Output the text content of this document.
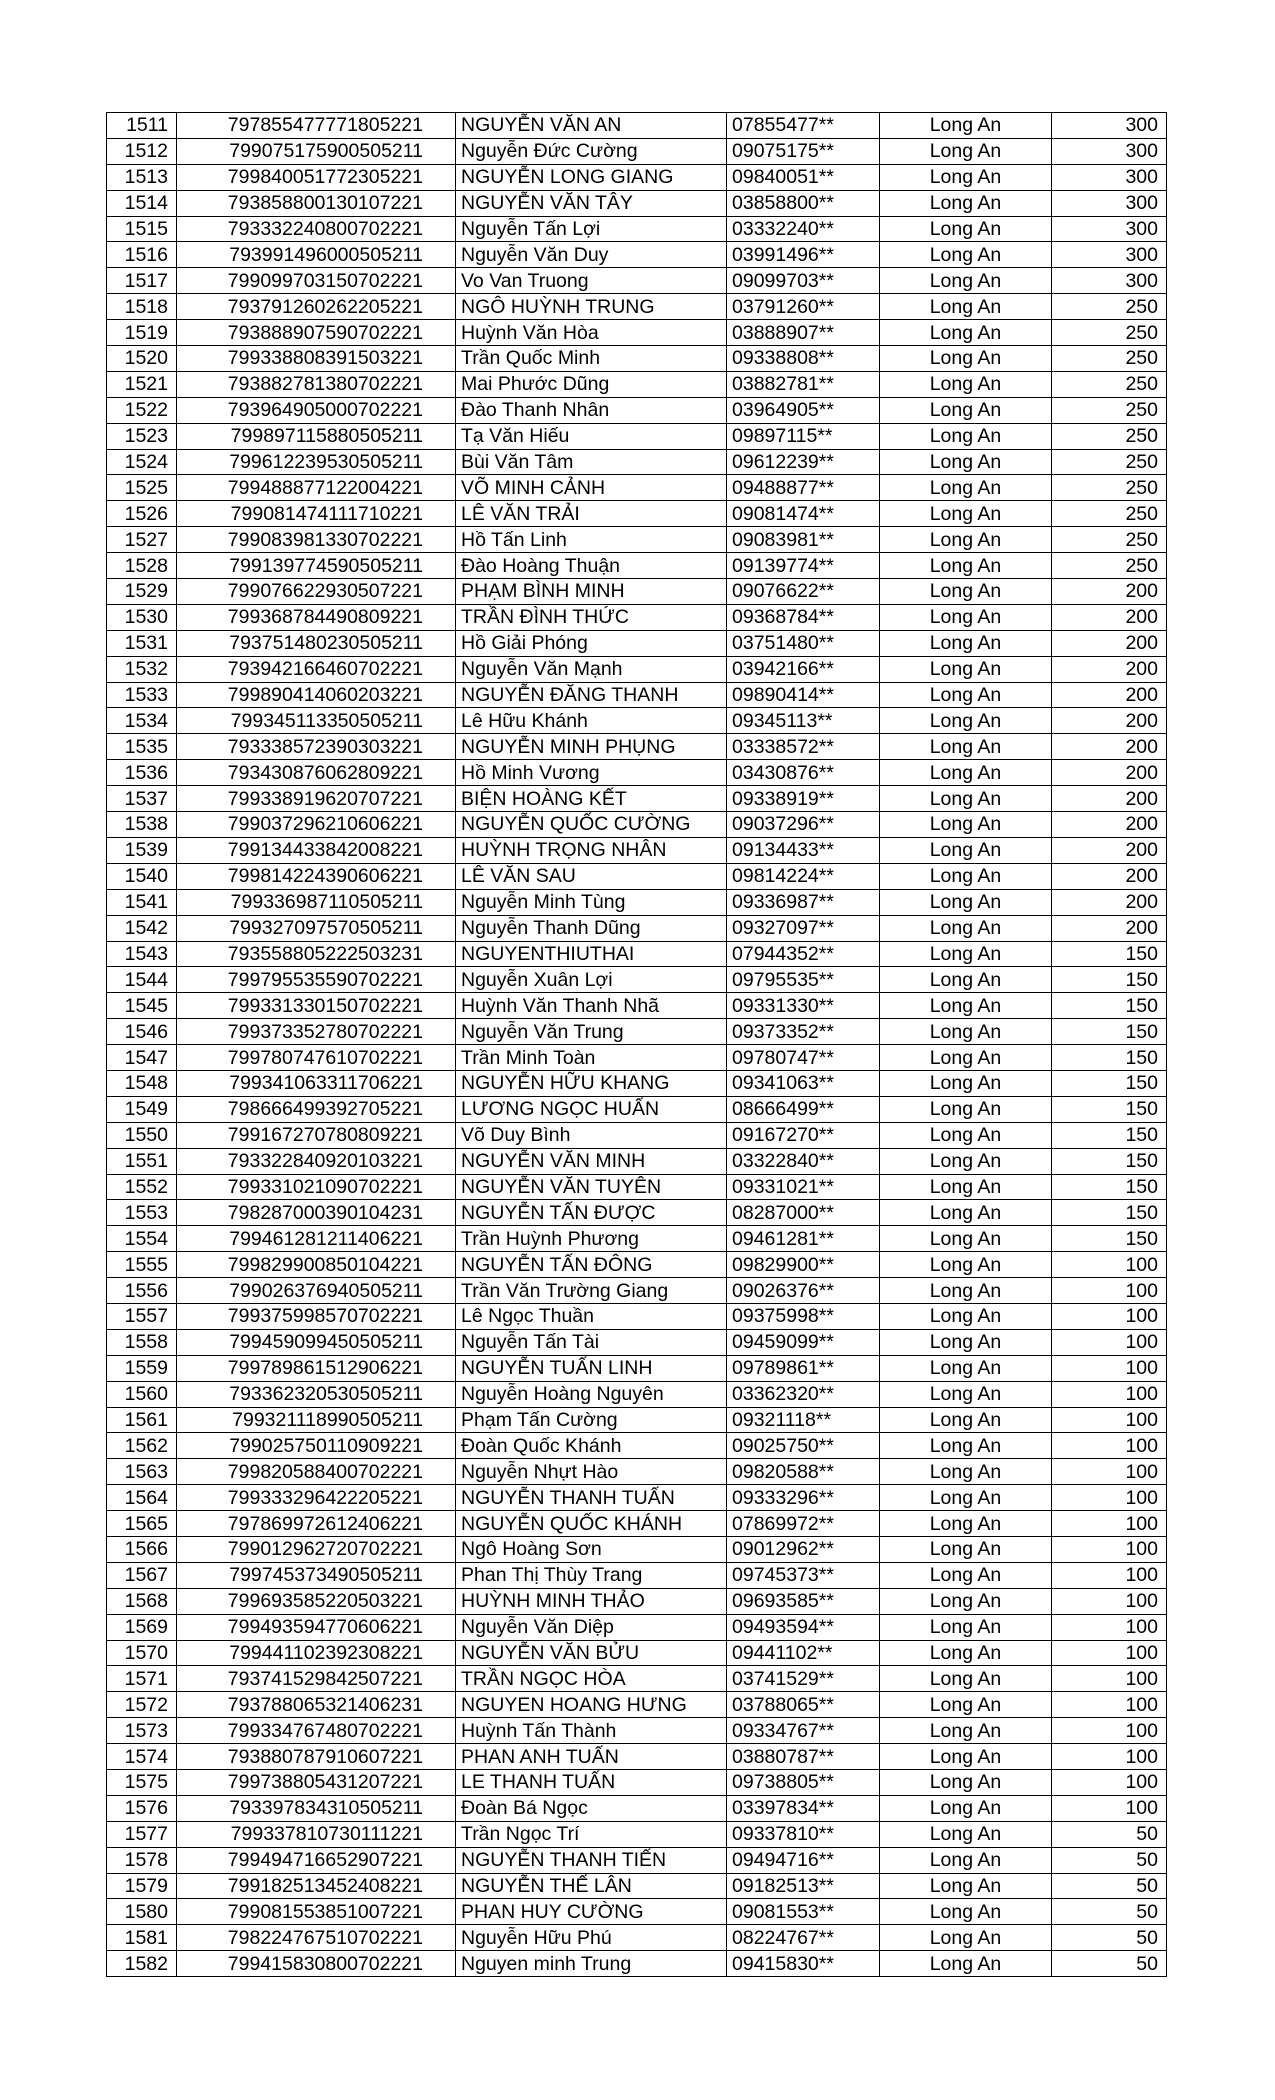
1511	797855477771805221	NGUYỄN VĂN AN	07855477**	Long An	300
1512	799075175900505211	Nguyễn Đức Cường	09075175**	Long An	300
1513	799840051772305221	NGUYỄN LONG GIANG	09840051**	Long An	300
1514	793858800130107221	NGUYỄN VĂN TÂY	03858800**	Long An	300
1515	793332240800702221	Nguyễn Tấn Lợi	03332240**	Long An	300
1516	793991496000505211	Nguyễn Văn Duy	03991496**	Long An	300
1517	799099703150702221	Vo Van Truong	09099703**	Long An	300
1518	793791260262205221	NGÔ HUỲNH TRUNG	03791260**	Long An	250
1519	793888907590702221	Huỳnh Văn Hòa	03888907**	Long An	250
1520	799338808391503221	Trần Quốc Minh	09338808**	Long An	250
1521	793882781380702221	Mai Phước Dũng	03882781**	Long An	250
1522	793964905000702221	Đào Thanh Nhân	03964905**	Long An	250
1523	799897115880505211	Tạ Văn Hiếu	09897115**	Long An	250
1524	799612239530505211	Bùi Văn Tâm	09612239**	Long An	250
1525	799488877122004221	VÕ MINH CẢNH	09488877**	Long An	250
1526	799081474111710221	LÊ VĂN TRẢI	09081474**	Long An	250
1527	799083981330702221	Hồ Tấn Linh	09083981**	Long An	250
1528	799139774590505211	Đào Hoàng Thuận	09139774**	Long An	250
1529	799076622930507221	PHẠM BÌNH MINH	09076622**	Long An	200
1530	799368784490809221	TRẦN ĐÌNH THỨC	09368784**	Long An	200
1531	793751480230505211	Hồ Giải Phóng	03751480**	Long An	200
1532	793942166460702221	Nguyễn Văn Mạnh	03942166**	Long An	200
1533	799890414060203221	NGUYỄN ĐĂNG THANH	09890414**	Long An	200
1534	799345113350505211	Lê Hữu Khánh	09345113**	Long An	200
1535	793338572390303221	NGUYỄN MINH PHỤNG	03338572**	Long An	200
1536	793430876062809221	Hồ Minh Vương	03430876**	Long An	200
1537	799338919620707221	BIỆN HOÀNG KẾT	09338919**	Long An	200
1538	799037296210606221	NGUYỄN QUỐC CƯỜNG	09037296**	Long An	200
1539	799134433842008221	HUỲNH TRỌNG NHÂN	09134433**	Long An	200
1540	799814224390606221	LÊ VĂN SAU	09814224**	Long An	200
1541	799336987110505211	Nguyễn Minh Tùng	09336987**	Long An	200
1542	799327097570505211	Nguyễn Thanh Dũng	09327097**	Long An	200
1543	793558805222503231	NGUYENTHIUTHAI	07944352**	Long An	150
1544	799795535590702221	Nguyễn Xuân Lợi	09795535**	Long An	150
1545	799331330150702221	Huỳnh Văn Thanh Nhã	09331330**	Long An	150
1546	799373352780702221	Nguyễn Văn Trung	09373352**	Long An	150
1547	799780747610702221	Trần Minh Toàn	09780747**	Long An	150
1548	799341063311706221	NGUYỄN HỮU KHANG	09341063**	Long An	150
1549	798666499392705221	LƯƠNG NGỌC HUẤN	08666499**	Long An	150
1550	799167270780809221	Võ Duy Bình	09167270**	Long An	150
1551	793322840920103221	NGUYỄN VĂN MINH	03322840**	Long An	150
1552	799331021090702221	NGUYỄN VĂN TUYÊN	09331021**	Long An	150
1553	798287000390104231	NGUYỄN TẤN ĐƯỢC	08287000**	Long An	150
1554	799461281211406221	Trần Huỳnh Phương	09461281**	Long An	150
1555	799829900850104221	NGUYỄN TẤN ĐÔNG	09829900**	Long An	100
1556	799026376940505211	Trần Văn Trường Giang	09026376**	Long An	100
1557	799375998570702221	Lê Ngọc Thuần	09375998**	Long An	100
1558	799459099450505211	Nguyễn Tấn Tài	09459099**	Long An	100
1559	799789861512906221	NGUYỄN TUẤN LINH	09789861**	Long An	100
1560	793362320530505211	Nguyễn Hoàng Nguyên	03362320**	Long An	100
1561	799321118990505211	Phạm Tấn Cường	09321118**	Long An	100
1562	799025750110909221	Đoàn Quốc Khánh	09025750**	Long An	100
1563	799820588400702221	Nguyễn Nhựt Hào	09820588**	Long An	100
1564	799333296422205221	NGUYỄN THANH TUẤN	09333296**	Long An	100
1565	797869972612406221	NGUYỄN QUỐC KHÁNH	07869972**	Long An	100
1566	799012962720702221	Ngô Hoàng Sơn	09012962**	Long An	100
1567	799745373490505211	Phan Thị Thùy Trang	09745373**	Long An	100
1568	799693585220503221	HUỲNH MINH THẢO	09693585**	Long An	100
1569	799493594770606221	Nguyễn Văn Diệp	09493594**	Long An	100
1570	799441102392308221	NGUYỄN VĂN BỬU	09441102**	Long An	100
1571	793741529842507221	TRẦN NGỌC HÒA	03741529**	Long An	100
1572	793788065321406231	NGUYEN HOANG HƯNG	03788065**	Long An	100
1573	799334767480702221	Huỳnh Tấn Thành	09334767**	Long An	100
1574	793880787910607221	PHAN ANH TUẤN	03880787**	Long An	100
1575	799738805431207221	LE THANH TUẤN	09738805**	Long An	100
1576	793397834310505211	Đoàn Bá Ngọc	03397834**	Long An	100
1577	799337810730111221	Trần Ngọc Trí	09337810**	Long An	50
1578	799494716652907221	NGUYỄN THANH TIẾN	09494716**	Long An	50
1579	799182513452408221	NGUYỄN THẾ LÂN	09182513**	Long An	50
1580	799081553851007221	PHAN HUY CƯỜNG	09081553**	Long An	50
1581	798224767510702221	Nguyễn Hữu Phú	08224767**	Long An	50
1582	799415830800702221	Nguyen minh Trung	09415830**	Long An	50
